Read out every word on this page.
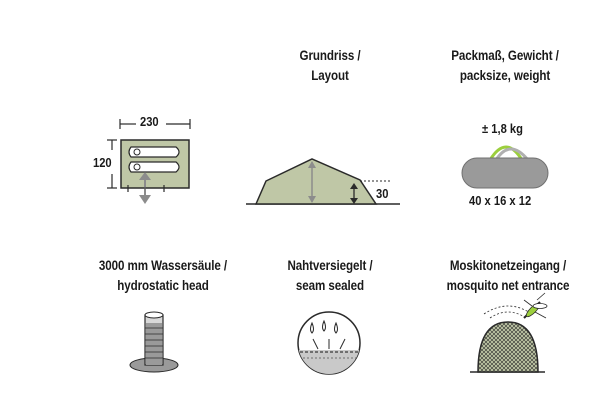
230
120
Grundriss /
Layout
30
Packmaß, Gewicht /
packsize, weight
± 1,8 kg
40 x 16 x 12
3000 mm Wassersäule /
hydrostatic head
Nahtversiegelt /
seam sealed
Moskitonetzeingang /
mosquito net entrance
